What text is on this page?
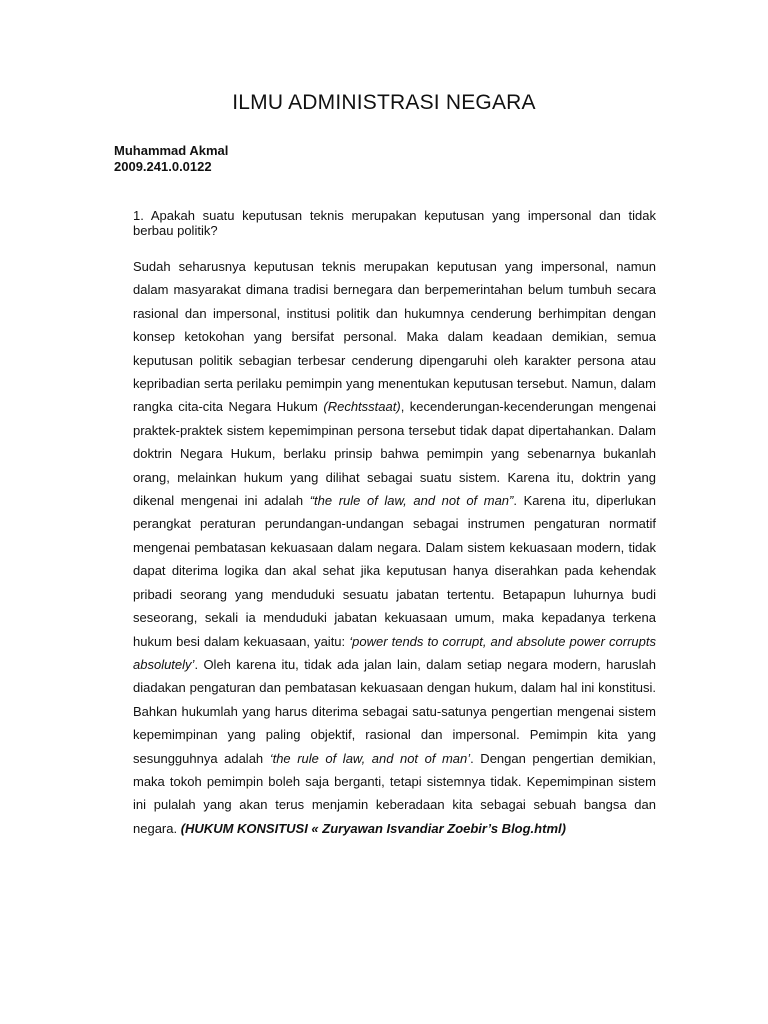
ILMU ADMINISTRASI NEGARA
Muhammad Akmal
2009.241.0.0122
1. Apakah suatu keputusan teknis merupakan keputusan yang impersonal dan tidak berbau politik?
Sudah seharusnya keputusan teknis merupakan keputusan yang impersonal, namun dalam masyarakat dimana tradisi bernegara dan berpemerintahan belum tumbuh secara rasional dan impersonal, institusi politik dan hukumnya cenderung berhimpitan dengan konsep ketokohan yang bersifat personal. Maka dalam keadaan demikian, semua keputusan politik sebagian terbesar cenderung dipengaruhi oleh karakter persona atau kepribadian serta perilaku pemimpin yang menentukan keputusan tersebut. Namun, dalam rangka cita-cita Negara Hukum (Rechtsstaat), kecenderungan-kecenderungan mengenai praktek-praktek sistem kepemimpinan persona tersebut tidak dapat dipertahankan. Dalam doktrin Negara Hukum, berlaku prinsip bahwa pemimpin yang sebenarnya bukanlah orang, melainkan hukum yang dilihat sebagai suatu sistem. Karena itu, doktrin yang dikenal mengenai ini adalah “the rule of law, and not of man”. Karena itu, diperlukan perangkat peraturan perundangan-undangan sebagai instrumen pengaturan normatif mengenai pembatasan kekuasaan dalam negara. Dalam sistem kekuasaan modern, tidak dapat diterima logika dan akal sehat jika keputusan hanya diserahkan pada kehendak pribadi seorang yang menduduki sesuatu jabatan tertentu. Betapapun luhurnya budi seseorang, sekali ia menduduki jabatan kekuasaan umum, maka kepadanya terkena hukum besi dalam kekuasaan, yaitu: ‘power tends to corrupt, and absolute power corrupts absolutely’. Oleh karena itu, tidak ada jalan lain, dalam setiap negara modern, haruslah diadakan pengaturan dan pembatasan kekuasaan dengan hukum, dalam hal ini konstitusi. Bahkan hukumlah yang harus diterima sebagai satu-satunya pengertian mengenai sistem kepemimpinan yang paling objektif, rasional dan impersonal. Pemimpin kita yang sesungguhnya adalah ‘the rule of law, and not of man’. Dengan pengertian demikian, maka tokoh pemimpin boleh saja berganti, tetapi sistemnya tidak. Kepemimpinan sistem ini pulalah yang akan terus menjamin keberadaan kita sebagai sebuah bangsa dan negara. (HUKUM KONSITUSI « Zuryawan Isvandiar Zoebir’s Blog.html)
